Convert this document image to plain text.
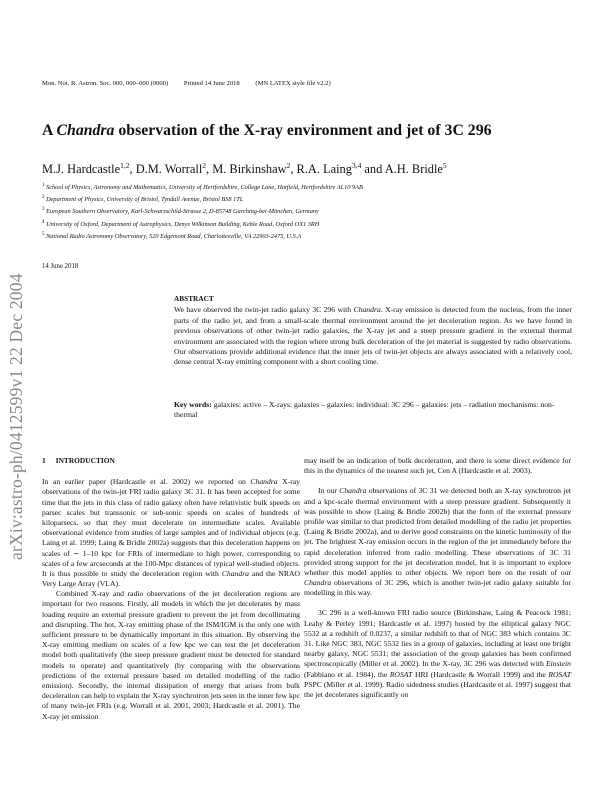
Mon. Not. R. Astron. Soc. 000, 000–000 (0000) Printed 14 June 2018 (MN LATEX style file v2.2)
arXiv:astro-ph/0412599v1 22 Dec 2004
A Chandra observation of the X-ray environment and jet of 3C 296
M.J. Hardcastle$^{1,2}$, D.M. Worrall$^2$, M. Birkinshaw$^2$, R.A. Laing$^{3,4}$ and A.H. Bridle$^5$
$^1$ School of Physics, Astronomy and Mathematics, University of Hertfordshire, College Lane, Hatfield, Hertfordshire AL10 9AB
$^2$ Department of Physics, University of Bristol, Tyndall Avenue, Bristol BS8 1TL
$^3$ European Southern Observatory, Karl-Schwarzschild-Strasse 2, D-85748 Garching-bei-München, Germany
$^4$ University of Oxford, Department of Astrophysics, Denys Wilkinson Building, Keble Road, Oxford OX1 3RH
$^5$ National Radio Astronomy Observatory, 520 Edgemont Road, Charlottesville, VA 22903-2475, U.S.A
14 June 2018
ABSTRACT

We have observed the twin-jet radio galaxy 3C 296 with Chandra. X-ray emission is detected from the nucleus, from the inner parts of the radio jet, and from a small-scale thermal environment around the jet deceleration region. As we have found in previous observations of other twin-jet radio galaxies, the X-ray jet and a steep pressure gradient in the external thermal environment are associated with the region where strong bulk deceleration of the jet material is suggested by radio observations. Our observations provide additional evidence that the inner jets of twin-jet objects are always associated with a relatively cool, dense central X-ray emitting component with a short cooling time.

Key words: galaxies: active – X-rays: galaxies – galaxies: individual: 3C 296 – galaxies: jets – radiation mechanisms: non-thermal
1 INTRODUCTION

In an earlier paper (Hardcastle et al. 2002) we reported on Chandra X-ray observations of the twin-jet FRI radio galaxy 3C 31. It has been accepted for some time that the jets in this class of radio galaxy often have relativistic bulk speeds on parsec scales but transsonic or sub-sonic speeds on scales of hundreds of kiloparsecs, so that they must decelerate on intermediate scales. Available observational evidence from studies of large samples and of individual objects (e.g. Laing et al. 1999; Laing & Bridle 2002a) suggests that this deceleration happens on scales of ∼ 1–10 kpc for FRIs of intermediate to high power, corresponding to scales of a few arcseconds at the 100-Mpc distances of typical well-studied objects. It is thus possible to study the deceleration region with Chandra and the NRAO Very Large Array (VLA).

Combined X-ray and radio observations of the jet deceleration regions are important for two reasons. Firstly, all models in which the jet decelerates by mass loading require an external pressure gradient to prevent the jet from decollimating and disrupting. The hot, X-ray emitting phase of the ISM/IGM is the only one with sufficient pressure to be dynamically important in this situation. By observing the X-ray emitting medium on scales of a few kpc we can test the jet deceleration model both qualitatively (the steep pressure gradient must be detected for standard models to operate) and quantitatively (by comparing with the observations predictions of the external pressure based on detailed modelling of the radio emission). Secondly, the internal dissipation of energy that arises from bulk deceleration can help to explain the X-ray synchrotron jets seen in the inner few kpc of many twin-jet FRIs (e.g. Worrall et al. 2001, 2003; Hardcastle et al. 2001). The X-ray jet emission

may itself be an indication of bulk deceleration, and there is some direct evidence for this in the dynamics of the nearest such jet, Cen A (Hardcastle et al. 2003).

In our Chandra observations of 3C 31 we detected both an X-ray synchrotron jet and a kpc-scale thermal environment with a steep pressure gradient. Subsequently it was possible to show (Laing & Bridle 2002b) that the form of the external pressure profile was similar to that predicted from detailed modelling of the radio jet properties (Laing & Bridle 2002a), and to derive good constraints on the kinetic luminosity of the jet. The brightest X-ray emission occurs in the region of the jet immediately before the rapid deceleration inferred from radio modelling. These observations of 3C 31 provided strong support for the jet deceleration model, but it is important to explore whether this model applies to other objects. We report here on the result of our Chandra observations of 3C 296, which is another twin-jet radio galaxy suitable for modelling in this way.

3C 296 is a well-known FRI radio source (Birkinshaw, Laing & Peacock 1981; Leahy & Perley 1991; Hardcastle et al. 1997) hosted by the elliptical galaxy NGC 5532 at a redshift of 0.0237, a similar redshift to that of NGC 383 which contains 3C 31. Like NGC 383, NGC 5532 lies in a group of galaxies, including at least one bright nearby galaxy, NGC 5531; the association of the group galaxies has been confirmed spectroscopically (Miller et al. 2002). In the X-ray, 3C 296 was detected with Einstein (Fabbiano et al. 1984), the ROSAT HRI (Hardcastle & Worrall 1999) and the ROSAT PSPC (Miller et al. 1999). Radio sidedness studies (Hardcastle et al. 1997) suggest that the jet decelerates significantly on
